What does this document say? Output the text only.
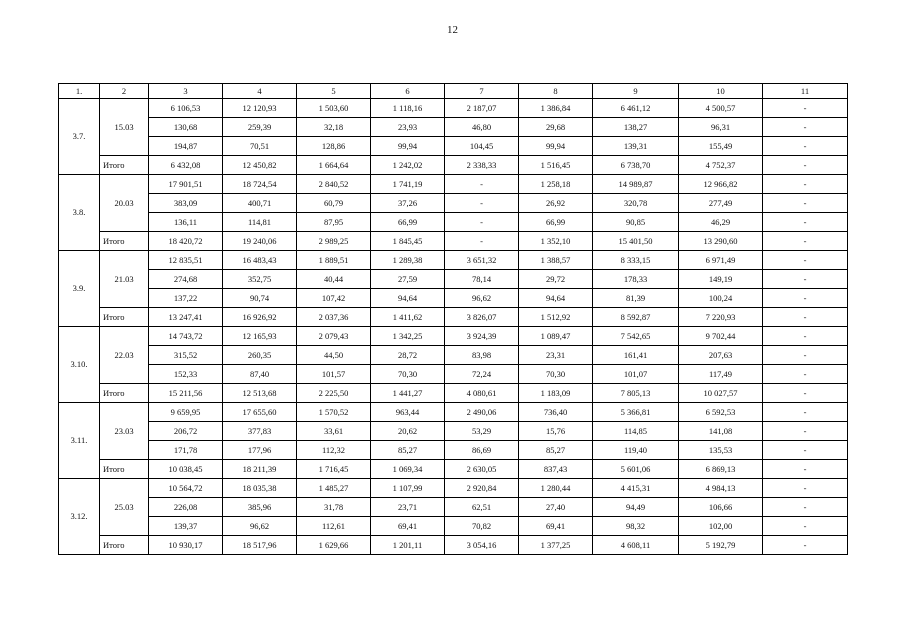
12
1.	2	3	4	5	6	7	8	9	10	11
3.7.	15.03	6 106,53	12 120,93	1 503,60	1 118,16	2 187,07	1 386,84	6 461,12	4 500,57	-
		130,68	259,39	32,18	23,93	46,80	29,68	138,27	96,31	-
		194,87	70,51	128,86	99,94	104,45	99,94	139,31	155,49	-
	Итого	6 432,08	12 450,82	1 664,64	1 242,02	2 338,33	1 516,45	6 738,70	4 752,37	-
3.8.	20.03	17 901,51	18 724,54	2 840,52	1 741,19	-	1 258,18	14 989,87	12 966,82	-
		383,09	400,71	60,79	37,26	-	26,92	320,78	277,49	-
		136,11	114,81	87,95	66,99	-	66,99	90,85	46,29	-
	Итого	18 420,72	19 240,06	2 989,25	1 845,45	-	1 352,10	15 401,50	13 290,60	-
3.9.	21.03	12 835,51	16 483,43	1 889,51	1 289,38	3 651,32	1 388,57	8 333,15	6 971,49	-
		274,68	352,75	40,44	27,59	78,14	29,72	178,33	149,19	-
		137,22	90,74	107,42	94,64	96,62	94,64	81,39	100,24	-
	Итого	13 247,41	16 926,92	2 037,36	1 411,62	3 826,07	1 512,92	8 592,87	7 220,93	-
3.10.	22.03	14 743,72	12 165,93	2 079,43	1 342,25	3 924,39	1 089,47	7 542,65	9 702,44	-
		315,52	260,35	44,50	28,72	83,98	23,31	161,41	207,63	-
		152,33	87,40	101,57	70,30	72,24	70,30	101,07	117,49	-
	Итого	15 211,56	12 513,68	2 225,50	1 441,27	4 080,61	1 183,09	7 805,13	10 027,57	-
3.11.	23.03	9 659,95	17 655,60	1 570,52	963,44	2 490,06	736,40	5 366,81	6 592,53	-
		206,72	377,83	33,61	20,62	53,29	15,76	114,85	141,08	-
		171,78	177,96	112,32	85,27	86,69	85,27	119,40	135,53	-
	Итого	10 038,45	18 211,39	1 716,45	1 069,34	2 630,05	837,43	5 601,06	6 869,13	-
3.12.	25.03	10 564,72	18 035,38	1 485,27	1 107,99	2 920,84	1 280,44	4 415,31	4 984,13	-
		226,08	385,96	31,78	23,71	62,51	27,40	94,49	106,66	-
		139,37	96,62	112,61	69,41	70,82	69,41	98,32	102,00	-
	Итого	10 930,17	18 517,96	1 629,66	1 201,11	3 054,16	1 377,25	4 608,11	5 192,79	-
